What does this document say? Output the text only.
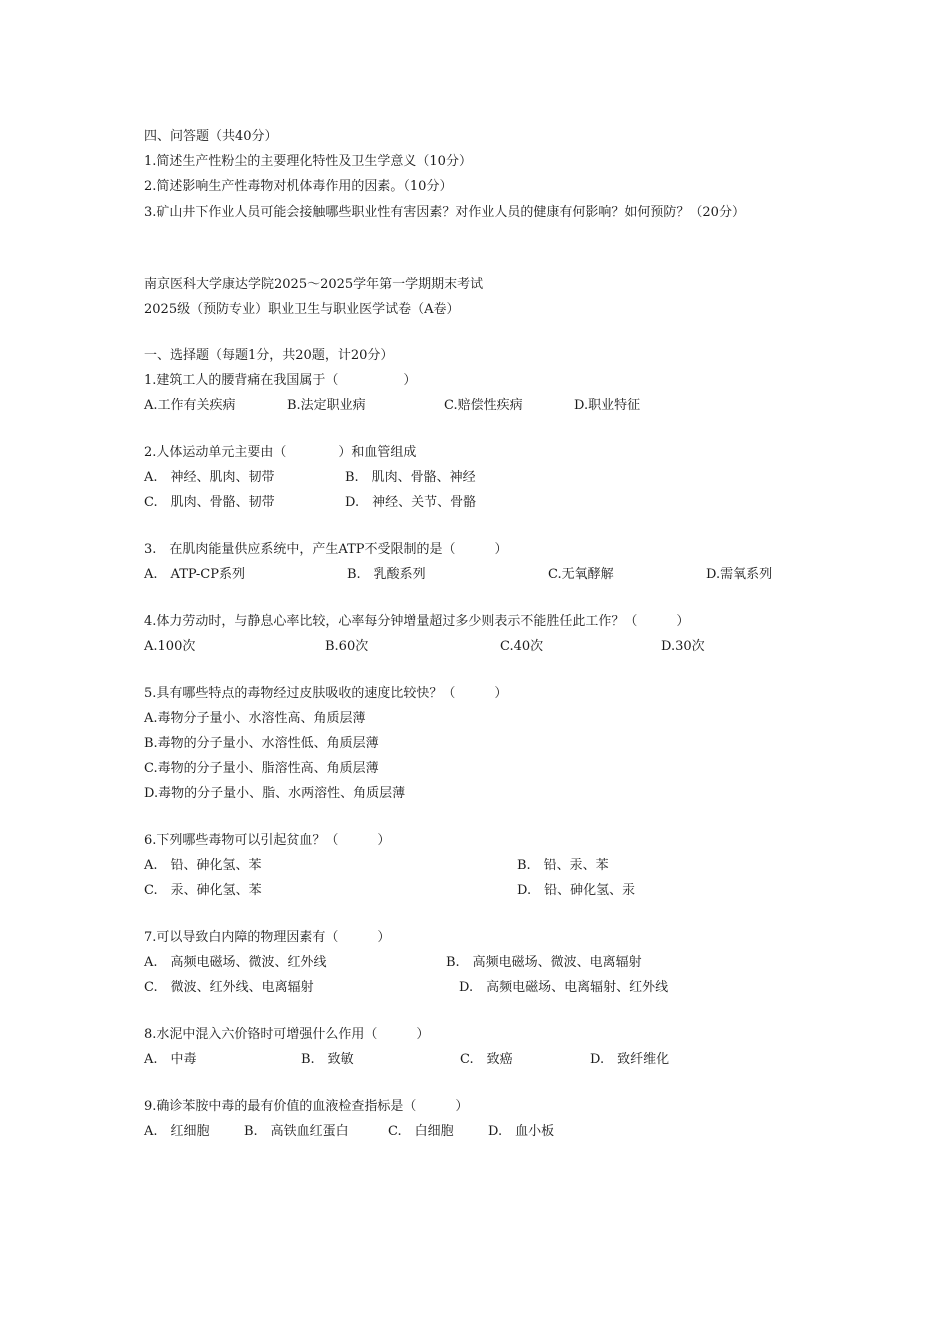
四、问答题（共40分）
1.简述生产性粉尘的主要理化特性及卫生学意义（10分）
2.简述影响生产性毒物对机体毒作用的因素。（10分）
3.矿山井下作业人员可能会接触哪些职业性有害因素？对作业人员的健康有何影响？如何预防？（20分）
南京医科大学康达学院2025～2025学年第一学期期末考试
2025级（预防专业）职业卫生与职业医学试卷（A卷）
一、选择题（每题1分，共20题，计20分）
1.建筑工人的腰背痛在我国属于（　　　　　）
A.工作有关疾病	B.法定职业病	C.赔偿性疾病	D.职业特征
2.人体运动单元主要由（　　　　）和血管组成
A.　神经、肌肉、韧带	B.　肌肉、骨骼、神经
C.　肌肉、骨骼、韧带	D.　神经、关节、骨骼
3.　在肌肉能量供应系统中，产生ATP不受限制的是（　　　）
A.　ATP-CP系列	B.　乳酸系列	C.无氧酵解	D.需氧系列
4.体力劳动时，与静息心率比较，心率每分钟增量超过多少则表示不能胜任此工作？（　　　）
A.100次	B.60次	C.40次	D.30次
5.具有哪些特点的毒物经过皮肤吸收的速度比较快？（　　　）
A.毒物分子量小、水溶性高、角质层薄
B.毒物的分子量小、水溶性低、角质层薄
C.毒物的分子量小、脂溶性高、角质层薄
D.毒物的分子量小、脂、水两溶性、角质层薄
6.下列哪些毒物可以引起贫血？（　　　）
A.　铅、砷化氢、苯	B.　铅、汞、苯
C.　汞、砷化氢、苯	D.　铅、砷化氢、汞
7.可以导致白内障的物理因素有（　　　）
A.　高频电磁场、微波、红外线	B.　高频电磁场、微波、电离辐射
C.　微波、红外线、电离辐射	D.　高频电磁场、电离辐射、红外线
8.水泥中混入六价铬时可增强什么作用（　　　）
A.　中毒	B.　致敏	C.　致癌	D.　致纤维化
9.确诊苯胺中毒的最有价值的血液检查指标是（　　　）
A.　红细胞	B.　高铁血红蛋白	C.　白细胞	D.　血小板
